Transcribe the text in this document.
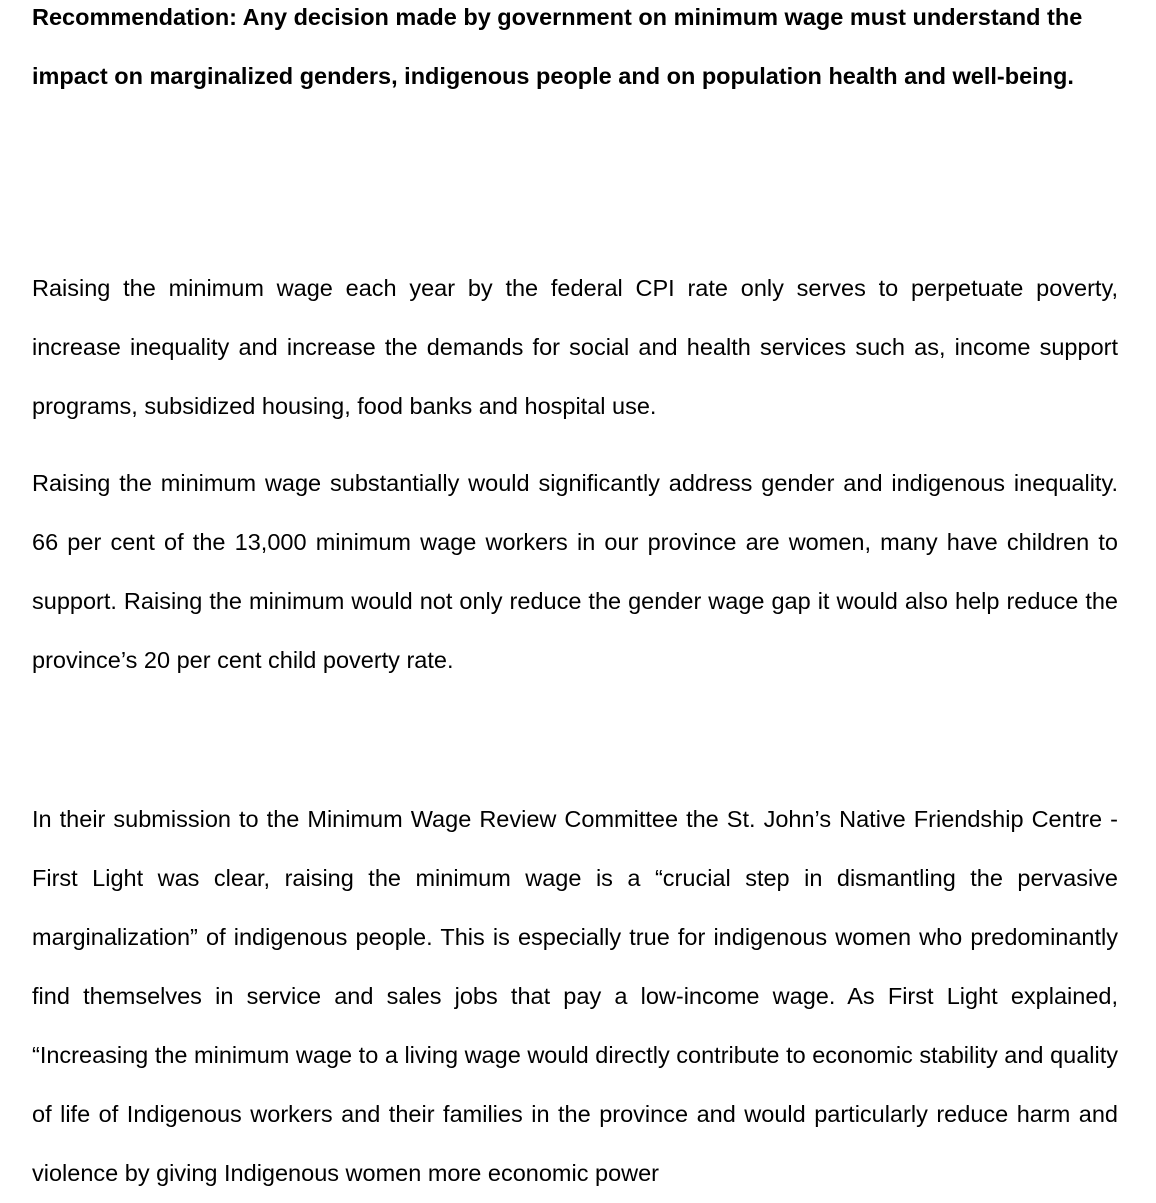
Recommendation: Any decision made by government on minimum wage must understand the impact on marginalized genders, indigenous people and on population health and well-being.

Raising the minimum wage each year by the federal CPI rate only serves to perpetuate poverty, increase inequality and increase the demands for social and health services such as, income support programs, subsidized housing, food banks and hospital use.

Raising the minimum wage substantially would significantly address gender and indigenous inequality. 66 per cent of the 13,000 minimum wage workers in our province are women, many have children to support. Raising the minimum would not only reduce the gender wage gap it would also help reduce the province’s 20 per cent child poverty rate.

In their submission to the Minimum Wage Review Committee the St. John’s Native Friendship Centre -First Light was clear, raising the minimum wage is a “crucial step in dismantling the pervasive marginalization” of indigenous people. This is especially true for indigenous women who predominantly find themselves in service and sales jobs that pay a low-income wage. As First Light explained, “Increasing the minimum wage to a living wage would directly contribute to economic stability and quality of life of Indigenous workers and their families in the province and would particularly reduce harm and violence by giving Indigenous women more economic power
